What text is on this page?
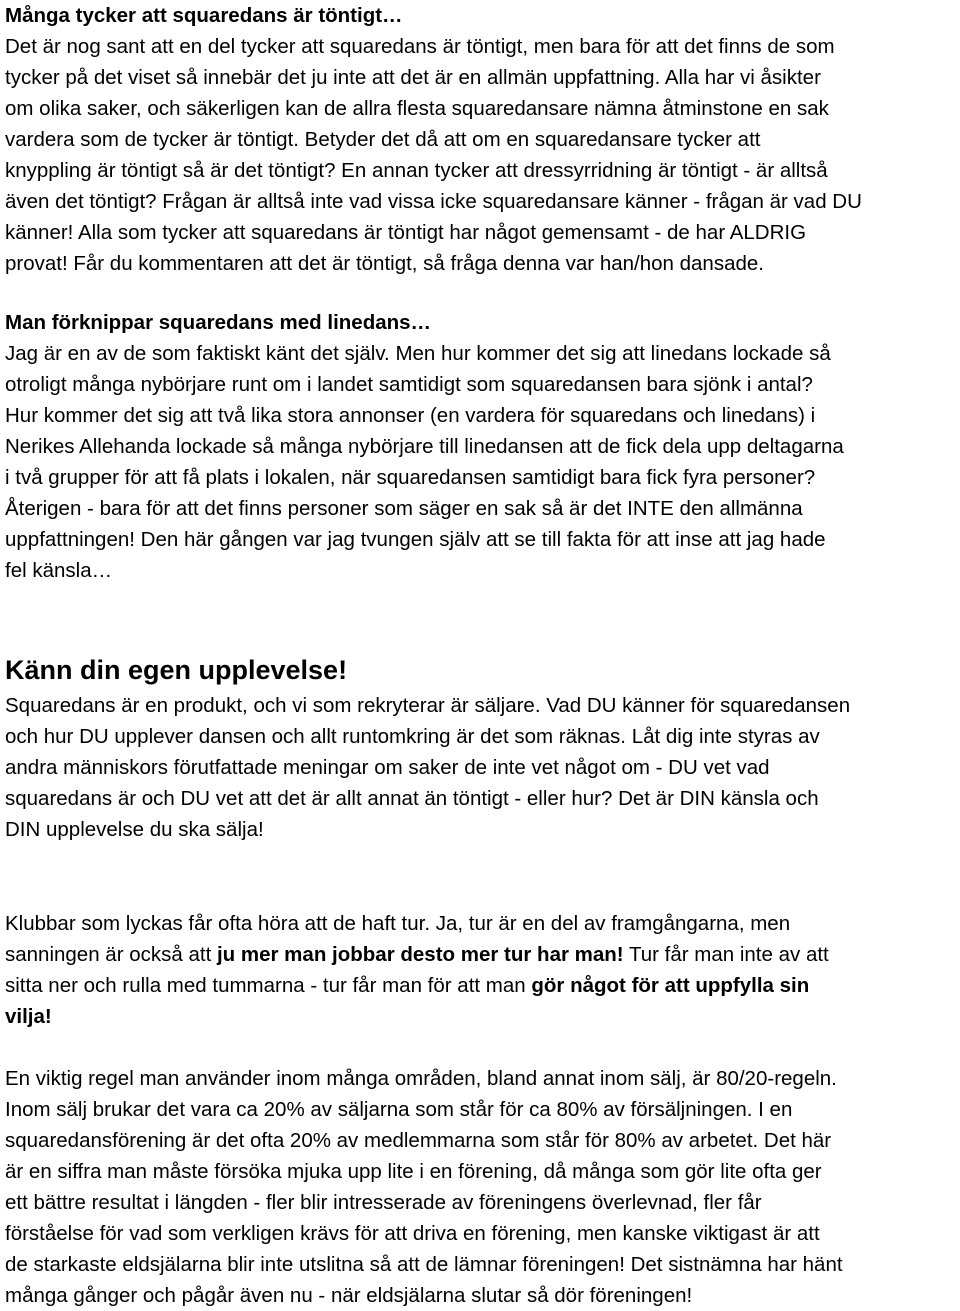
Många tycker att squaredans är töntigt…
Det är nog sant att en del tycker att squaredans är töntigt, men bara för att det finns de som
tycker på det viset så innebär det ju inte att det är en allmän uppfattning. Alla har vi åsikter
om olika saker, och säkerligen kan de allra flesta squaredansare nämna åtminstone en sak
vardera som de tycker är töntigt. Betyder det då att om en squaredansare tycker att
knyppling är töntigt så är det töntigt? En annan tycker att dressyrridning är töntigt - är alltså
även det töntigt? Frågan är alltså inte vad vissa icke squaredansare känner - frågan är vad DU
känner! Alla som tycker att squaredans är töntigt har något gemensamt - de har ALDRIG
provat! Får du kommentaren att det är töntigt, så fråga denna var han/hon dansade.
Man förknippar squaredans med linedans…
Jag är en av de som faktiskt känt det själv. Men hur kommer det sig att linedans lockade så
otroligt många nybörjare runt om i landet samtidigt som squaredansen bara sjönk i antal?
Hur kommer det sig att två lika stora annonser (en vardera för squaredans och linedans) i
Nerikes Allehanda lockade så många nybörjare till linedansen att de fick dela upp deltagarna
i två grupper för att få plats i lokalen, när squaredansen samtidigt bara fick fyra personer?
Återigen - bara för att det finns personer som säger en sak så är det INTE den allmänna
uppfattningen! Den här gången var jag tvungen själv att se till fakta för att inse att jag hade
fel känsla…
Känn din egen upplevelse!
Squaredans är en produkt, och vi som rekryterar är säljare. Vad DU känner för squaredansen
och hur DU upplever dansen och allt runtomkring är det som räknas. Låt dig inte styras av
andra människors förutfattade meningar om saker de inte vet något om - DU vet vad
squaredans är och DU vet att det är allt annat än töntigt - eller hur? Det är DIN känsla och
DIN upplevelse du ska sälja!
Klubbar som lyckas får ofta höra att de haft tur. Ja, tur är en del av framgångarna, men
sanningen är också att ju mer man jobbar desto mer tur har man! Tur får man inte av att
sitta ner och rulla med tummarna - tur får man för att man gör något för att uppfylla sin
vilja!
En viktig regel man använder inom många områden, bland annat inom sälj, är 80/20-regeln.
Inom sälj brukar det vara ca 20% av säljarna som står för ca 80% av försäljningen. I en
squaredansförening är det ofta 20% av medlemmarna som står för 80% av arbetet. Det här
är en siffra man måste försöka mjuka upp lite i en förening, då många som gör lite ofta ger
ett bättre resultat i längden - fler blir intresserade av föreningens överlevnad, fler får
förståelse för vad som verkligen krävs för att driva en förening, men kanske viktigast är att
de starkaste eldsjälarna blir inte utslitna så att de lämnar föreningen! Det sistnämna har hänt
många gånger och pågår även nu - när eldsjälarna slutar så dör föreningen!
